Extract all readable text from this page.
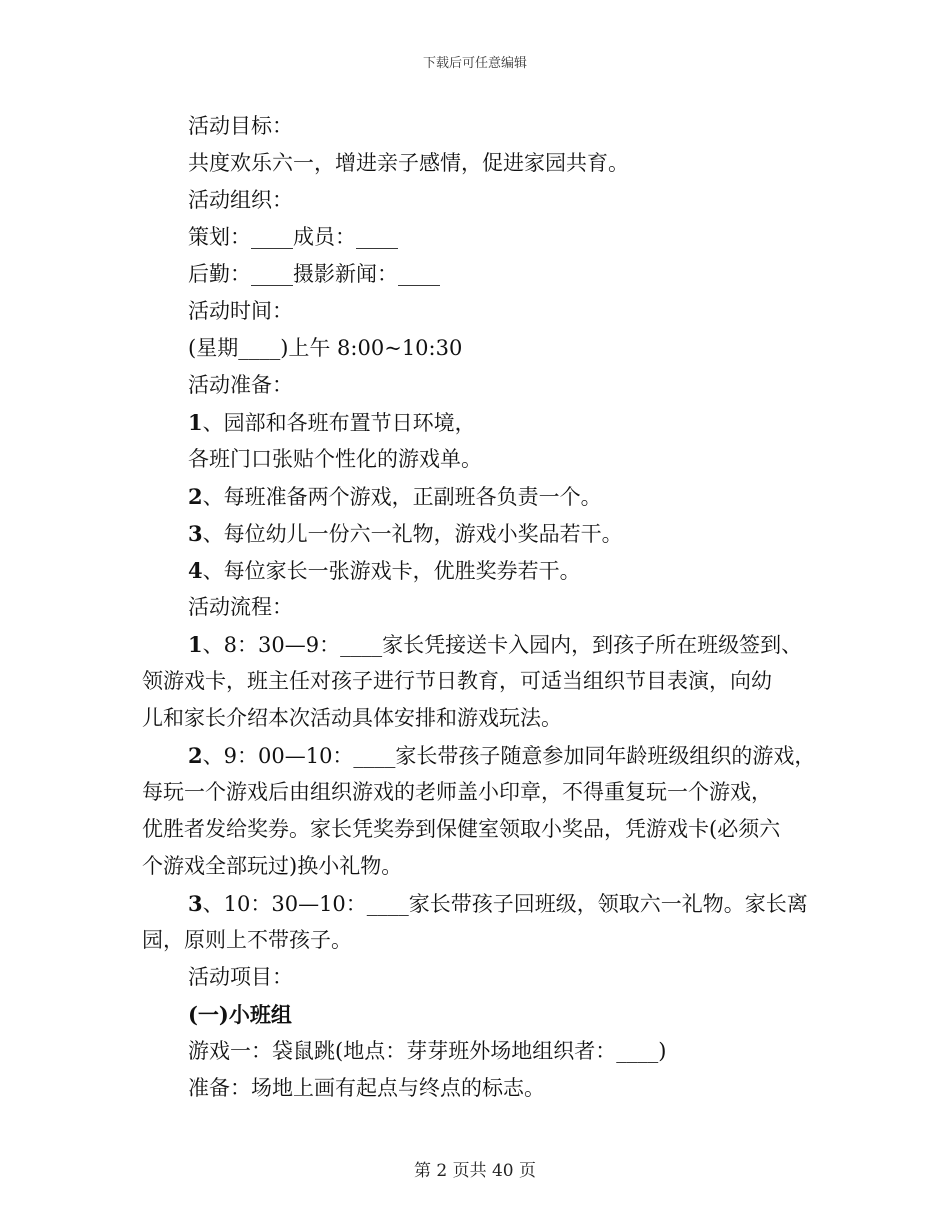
下载后可任意编辑
活动目标：
共度欢乐六一，增进亲子感情，促进家园共育。
活动组织：
策划：____成员：____
后勤：____摄影新闻：____
活动时间：
(星期____)上午 8:00~10:30
活动准备：
1、园部和各班布置节日环境，
各班门口张贴个性化的游戏单。
2、每班准备两个游戏，正副班各负责一个。
3、每位幼儿一份六一礼物，游戏小奖品若干。
4、每位家长一张游戏卡，优胜奖券若干。
活动流程：
1、8：30—9：____家长凭接送卡入园内，到孩子所在班级签到、
领游戏卡，班主任对孩子进行节日教育，可适当组织节目表演，向幼
儿和家长介绍本次活动具体安排和游戏玩法。
2、9：00—10：____家长带孩子随意参加同年龄班级组织的游戏，
每玩一个游戏后由组织游戏的老师盖小印章，不得重复玩一个游戏，
优胜者发给奖券。家长凭奖券到保健室领取小奖品，凭游戏卡(必须六
个游戏全部玩过)换小礼物。
3、10：30—10：____家长带孩子回班级，领取六一礼物。家长离
园，原则上不带孩子。
活动项目：
(一)小班组
游戏一：袋鼠跳(地点：芽芽班外场地组织者：____)
准备：场地上画有起点与终点的标志。
第 2 页共 40 页
